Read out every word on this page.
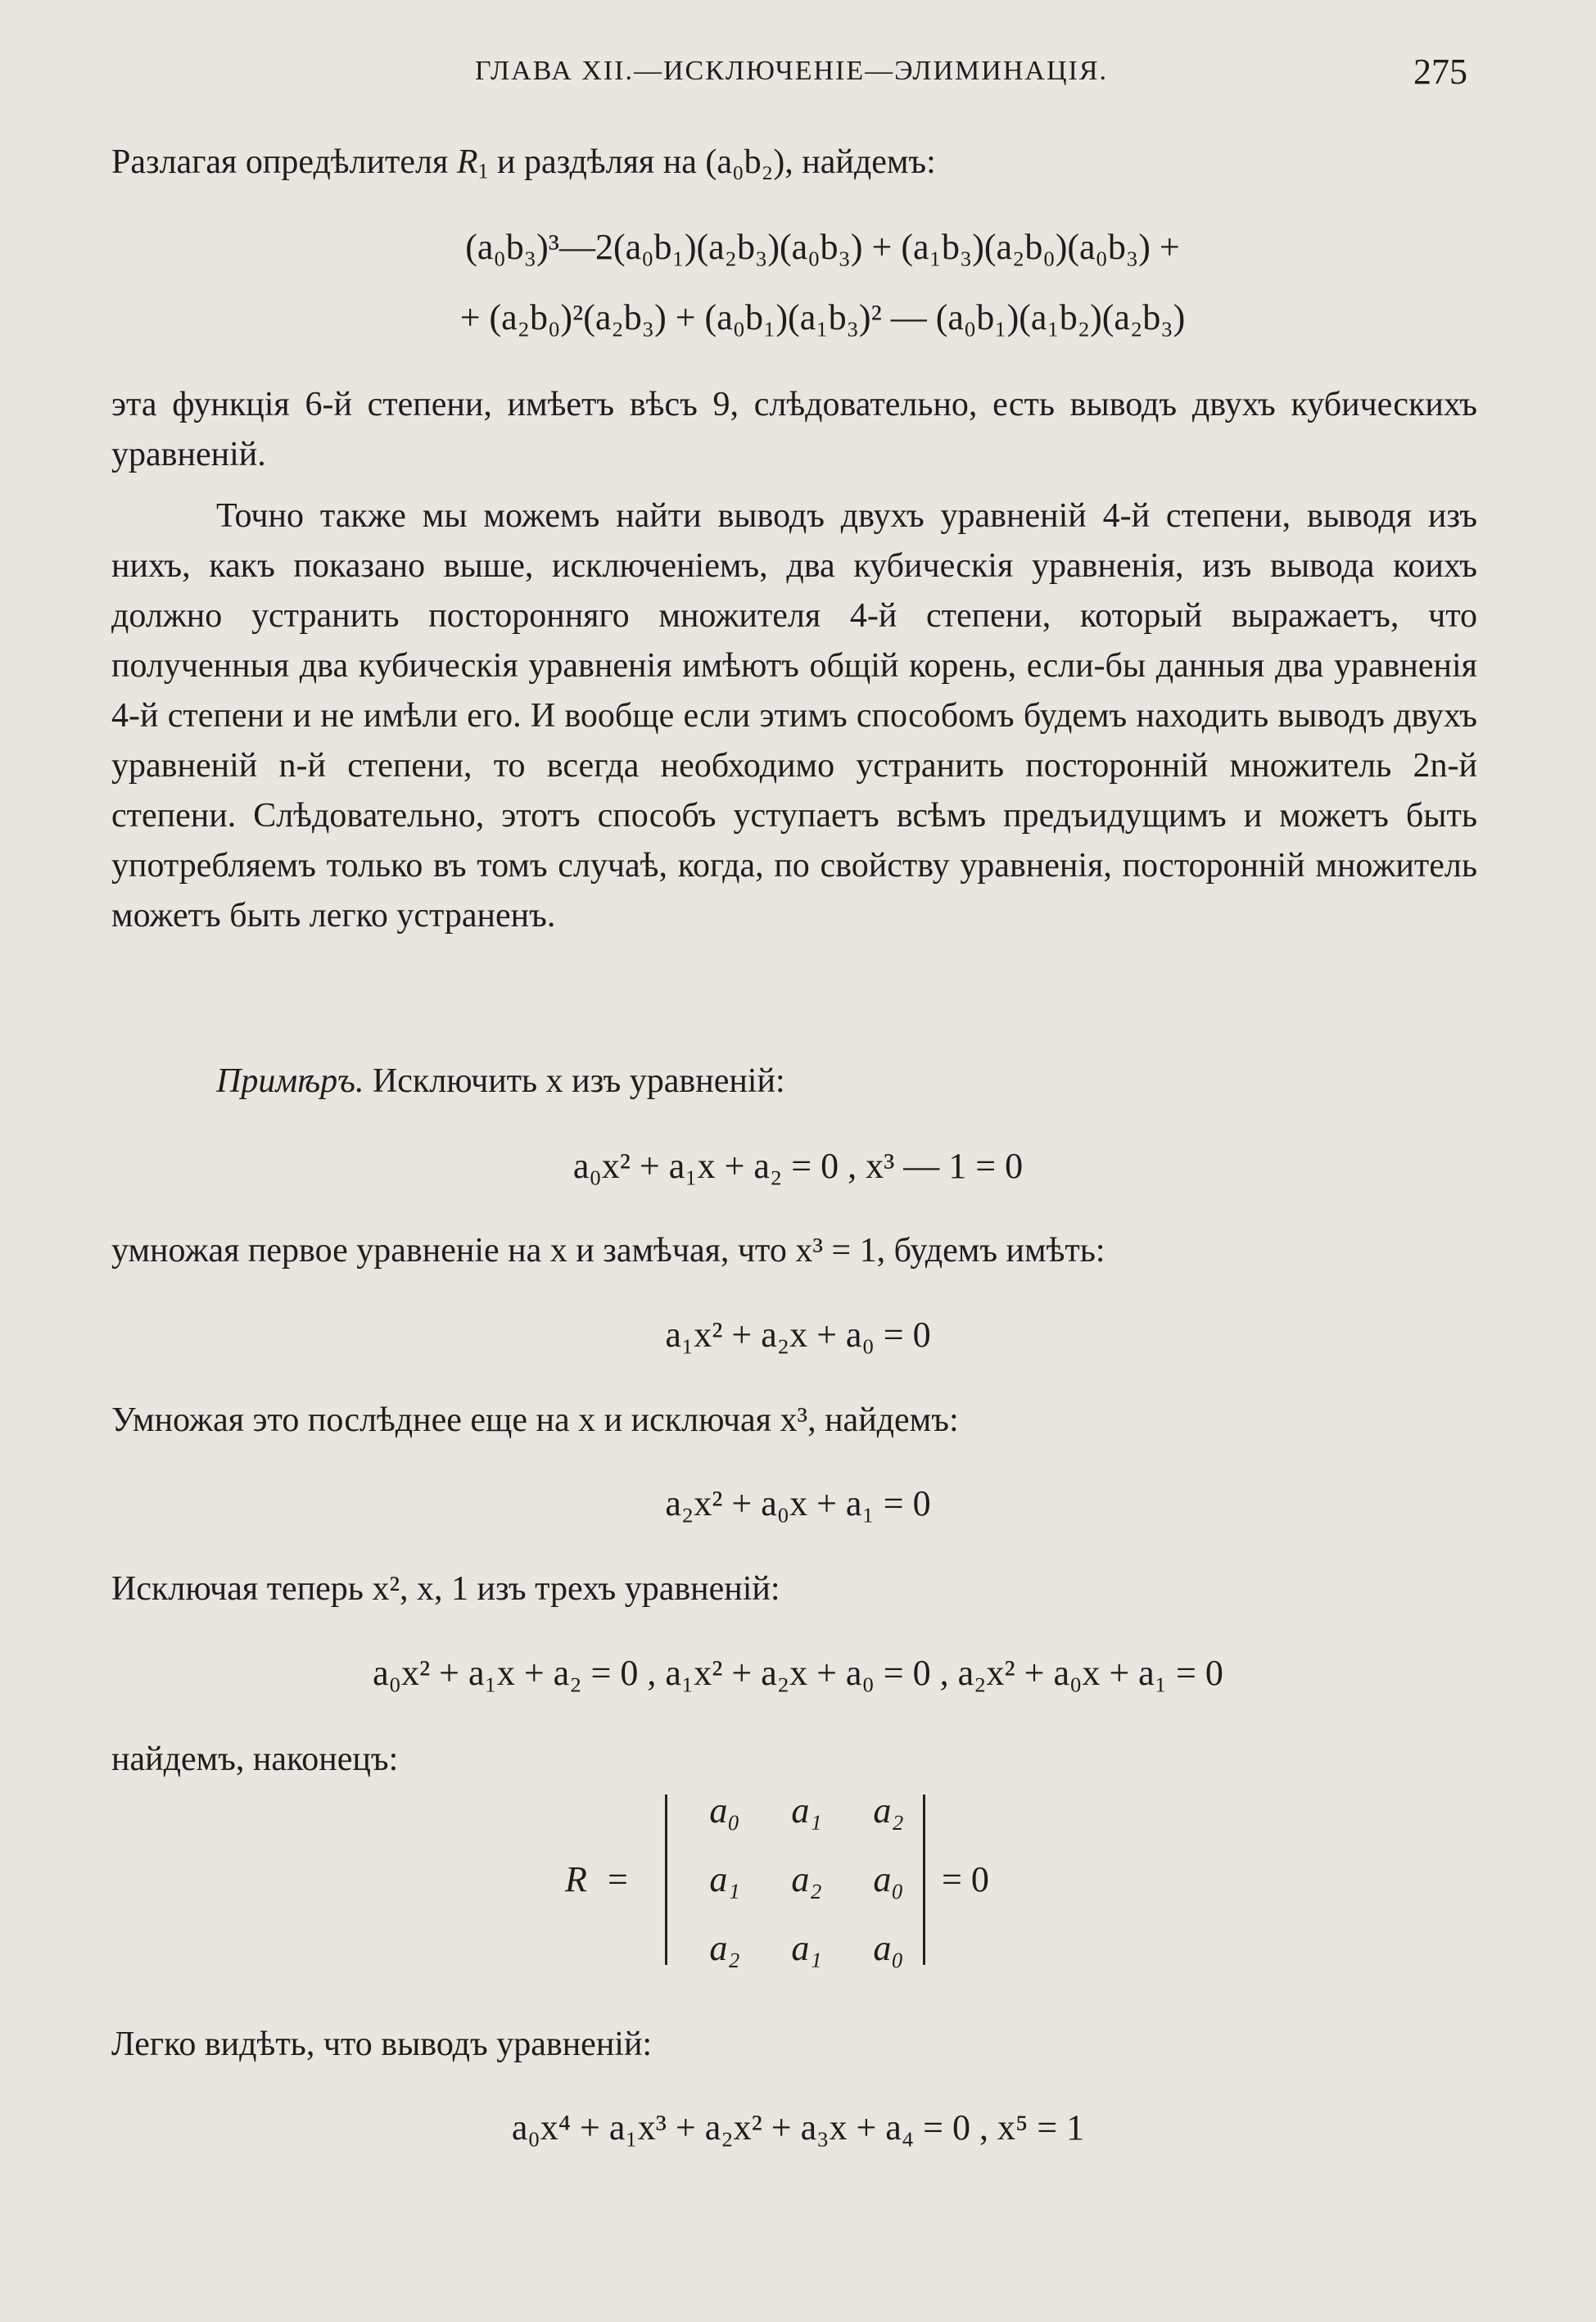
ГЛАВА XII.—ИСКЛЮЧЕНІЕ—ЭЛИМИНАЦІЯ.	275

Разлагая опредѣлителя $R_1$ и раздѣляя на (a₀b₂), найдемъ:

(a₀b₃)³—2(a₀b₁)(a₂b₃)(a₀b₃) + (a₁b₃)(a₂b₀)(a₀b₃) +
+ (a₂b₀)²(a₂b₃) + (a₀b₁)(a₁b₃)² — (a₀b₁)(a₁b₂)(a₂b₃)

эта функція 6-й степени, имѣетъ вѣсъ 9, слѣдовательно, есть выводъ двухъ кубическихъ уравненій.

Точно также мы можемъ найти выводъ двухъ уравненій 4-й степени, выводя изъ нихъ, какъ показано выше, исключеніемъ, два кубическія уравненія, изъ вывода коихъ должно устранить посторонняго множителя 4-й степени, который выражаетъ, что полученныя два кубическія уравненія имѣютъ общій корень, если-бы данныя два уравненія 4-й степени и не имѣли его. И вообще если этимъ способомъ будемъ находить выводъ двухъ уравненій n-й степени, то всегда необходимо устранить посторонній множитель 2n-й степени. Слѣдовательно, этотъ способъ уступаетъ всѣмъ предъидущимъ и можетъ быть употребляемъ только въ томъ случаѣ, когда, по свойству уравненія, посторонній множитель можетъ быть легко устраненъ.

Примѣръ. Исключить x изъ уравненій:

a₀x² + a₁x + a₂ = 0 , x³ — 1 = 0

умножая первое уравненіе на x и замѣчая, что x³ = 1, будемъ имѣть:

a₁x² + a₂x + a₀ = 0

Умножая это послѣднее еще на x и исключая x³, найдемъ:

a₂x² + a₀x + a₁ = 0

Исключая теперь x², x, 1 изъ трехъ уравненій:

a₀x² + a₁x + a₂ = 0 , a₁x² + a₂x + a₀ = 0 , a₂x² + a₀x + a₁ = 0

найдемъ, наконецъ:

R =
a₀	a₁	a₂
a₁	a₂	a₀
a₂	a₁	a₀
= 0

Легко видѣть, что выводъ уравненій:

a₀x⁴ + a₁x³ + a₂x² + a₃x + a₄ = 0 , x⁵ = 1
